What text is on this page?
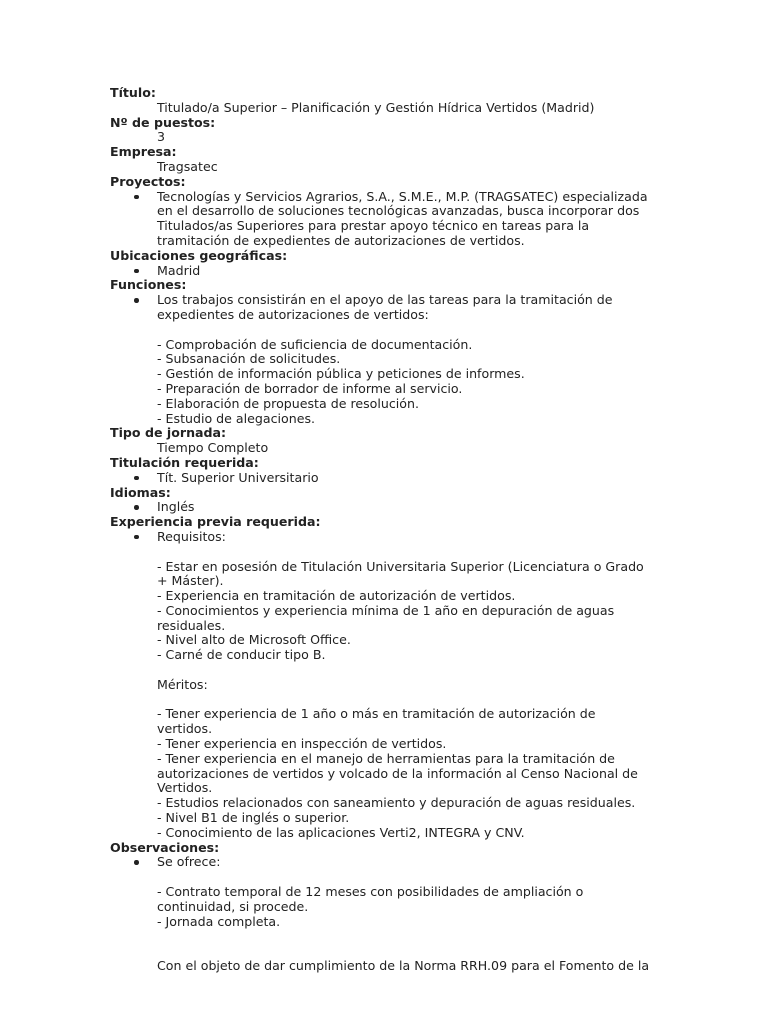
Título:
Titulado/a Superior – Planificación y Gestión Hídrica Vertidos (Madrid)
Nº de puestos:
3
Empresa:
Tragsatec
Proyectos:
Tecnologías y Servicios Agrarios, S.A., S.M.E., M.P. (TRAGSATEC) especializada en el desarrollo de soluciones tecnológicas avanzadas, busca incorporar dos Titulados/as Superiores para prestar apoyo técnico en tareas para la tramitación de expedientes de autorizaciones de vertidos.
Ubicaciones geográficas:
Madrid
Funciones:
Los trabajos consistirán en el apoyo de las tareas para la tramitación de expedientes de autorizaciones de vertidos:
- Comprobación de suficiencia de documentación.
- Subsanación de solicitudes.
- Gestión de información pública y peticiones de informes.
- Preparación de borrador de informe al servicio.
- Elaboración de propuesta de resolución.
- Estudio de alegaciones.
Tipo de jornada:
Tiempo Completo
Titulación requerida:
Tít. Superior Universitario
Idiomas:
Inglés
Experiencia previa requerida:
Requisitos:
- Estar en posesión de Titulación Universitaria Superior (Licenciatura o Grado + Máster).
- Experiencia en tramitación de autorización de vertidos.
- Conocimientos y experiencia mínima de 1 año en depuración de aguas residuales.
- Nivel alto de Microsoft Office.
- Carné de conducir tipo B.
Méritos:
- Tener experiencia de 1 año o más en tramitación de autorización de vertidos.
- Tener experiencia en inspección de vertidos.
- Tener experiencia en el manejo de herramientas para la tramitación de autorizaciones de vertidos y volcado de la información al Censo Nacional de Vertidos.
- Estudios relacionados con saneamiento y depuración de aguas residuales.
- Nivel B1 de inglés o superior.
- Conocimiento de las aplicaciones Verti2, INTEGRA y CNV.
Observaciones:
Se ofrece:
- Contrato temporal de 12 meses con posibilidades de ampliación o continuidad, si procede.
- Jornada completa.
Con el objeto de dar cumplimiento de la Norma RRH.09 para el Fomento de la
